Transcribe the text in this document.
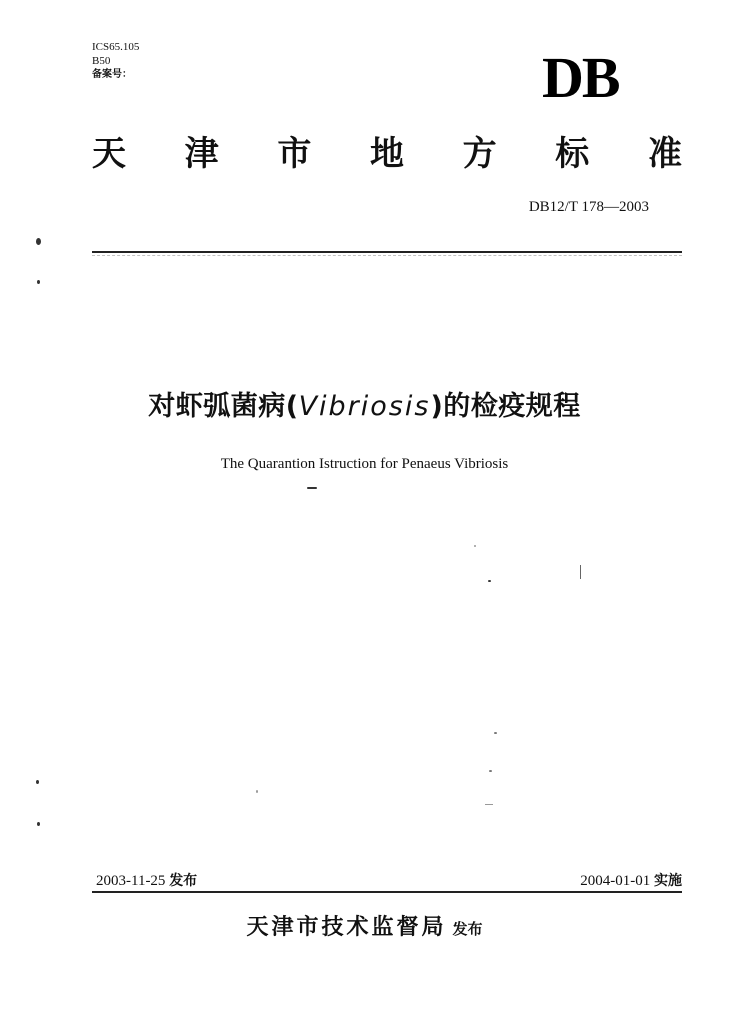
ICS65.105
B50
备案号：	DB
天 津 市 地 方 标 准
DB12/T 178—2003
对虾弧菌病(Vibriosis)的检疫规程
The Quarantion Istruction for Penaeus Vibriosis
2003-11-25 发布	2004-01-01 实施
天津市技术监督局 发布
